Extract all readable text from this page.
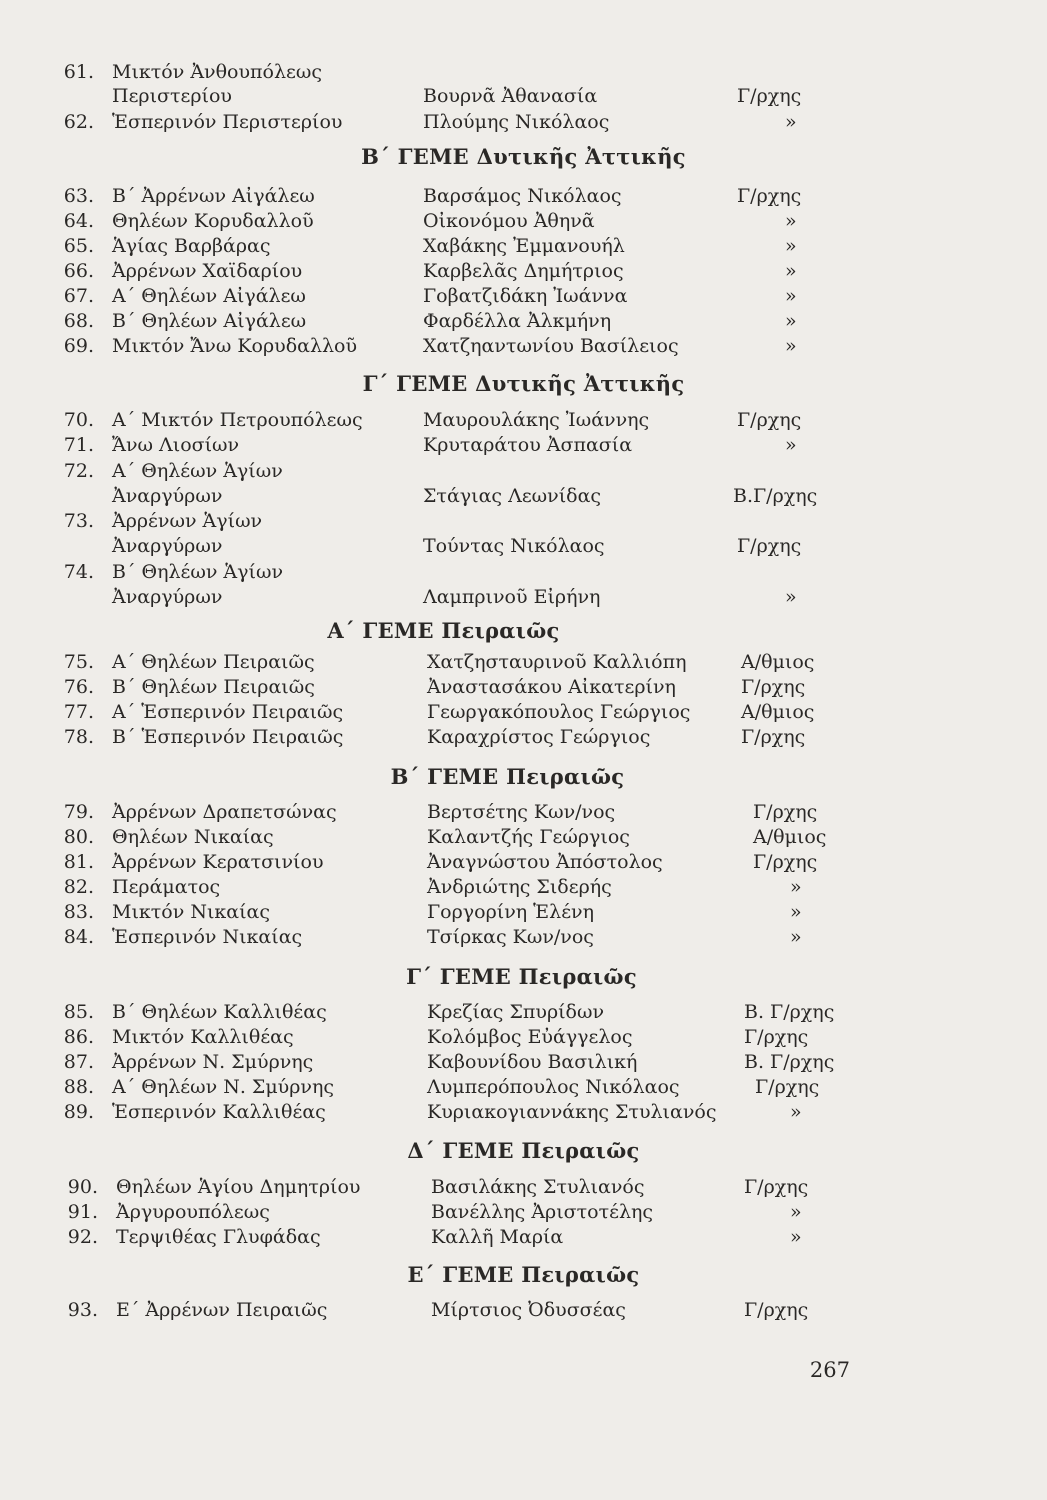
Β΄ ΓΕΜΕ Δυτικῆς Ἀττικῆς
Γ΄ ΓΕΜΕ Δυτικῆς Ἀττικῆς
Α΄ ΓΕΜΕ Πειραιῶς
Β΄ ΓΕΜΕ Πειραιῶς
Γ΄ ΓΕΜΕ Πειραιῶς
Δ΄ ΓΕΜΕ Πειραιῶς
Ε΄ ΓΕΜΕ Πειραιῶς
61. Μικτόν Ἀνθουπόλεως
Περιστερίου	Βουρνᾶ Ἀθανασία	Γ/ρχης
62. Ἑσπερινόν Περιστερίου	Πλούμης Νικόλαος	»
63. Β΄ Ἀρρένων Αἰγάλεω	Βαρσάμος Νικόλαος	Γ/ρχης
64. Θηλέων Κορυδαλλοῦ	Οἰκονόμου Ἀθηνᾶ	»
65. Ἁγίας Βαρβάρας	Χαβάκης Ἐμμανουήλ	»
66. Ἀρρένων Χαϊδαρίου	Καρβελᾶς Δημήτριος	»
67. Α΄ Θηλέων Αἰγάλεω	Γοβατζιδάκη Ἰωάννα	»
68. Β΄ Θηλέων Αἰγάλεω	Φαρδέλλα Ἀλκμήνη	»
69. Μικτόν Ἄνω Κορυδαλλοῦ	Χατζηαντωνίου Βασίλειος	»
70. Α΄ Μικτόν Πετρουπόλεως	Μαυρουλάκης Ἰωάννης	Γ/ρχης
71. Ἄνω Λιοσίων	Κρυταράτου Ἀσπασία	»
72. Α΄ Θηλέων Ἁγίων
Ἀναργύρων	Στάγιας Λεωνίδας	Β.Γ/ρχης
73. Ἀρρένων Ἁγίων
Ἀναργύρων	Τούντας Νικόλαος	Γ/ρχης
74. Β΄ Θηλέων Ἁγίων
Ἀναργύρων	Λαμπρινοῦ Εἰρήνη	»
75. Α΄ Θηλέων Πειραιῶς	Χατζησταυρινοῦ Καλλιόπη	Α/θμιος
76. Β΄ Θηλέων Πειραιῶς	Ἀναστασάκου Αἰκατερίνη	Γ/ρχης
77. Α΄ Ἑσπερινόν Πειραιῶς	Γεωργακόπουλος Γεώργιος	Α/θμιος
78. Β΄ Ἑσπερινόν Πειραιῶς	Καραχρίστος Γεώργιος	Γ/ρχης
79. Ἀρρένων Δραπετσώνας	Βερτσέτης Κων/νος	Γ/ρχης
80. Θηλέων Νικαίας	Καλαντζής Γεώργιος	Α/θμιος
81. Ἀρρένων Κερατσινίου	Ἀναγνώστου Ἀπόστολος	Γ/ρχης
82. Περάματος	Ἀνδριώτης Σιδερής	»
83. Μικτόν Νικαίας	Γοργορίνη Ἑλένη	»
84. Ἑσπερινόν Νικαίας	Τσίρκας Κων/νος	»
85. Β΄ Θηλέων Καλλιθέας	Κρεζίας Σπυρίδων	Β. Γ/ρχης
86. Μικτόν Καλλιθέας	Κολόμβος Εὐάγγελος	Γ/ρχης
87. Ἀρρένων Ν. Σμύρνης	Καβουνίδου Βασιλική	Β. Γ/ρχης
88. Α΄ Θηλέων Ν. Σμύρνης	Λυμπερόπουλος Νικόλαος	Γ/ρχης
89. Ἑσπερινόν Καλλιθέας	Κυριακογιαννάκης Στυλιανός	»
90. Θηλέων Ἁγίου Δημητρίου	Βασιλάκης Στυλιανός	Γ/ρχης
91. Ἀργυρουπόλεως	Βανέλλης Ἀριστοτέλης	»
92. Τερψιθέας Γλυφάδας	Καλλῆ Μαρία	»
93. Ε΄ Ἀρρένων Πειραιῶς	Μίρτσιος Ὀδυσσέας	Γ/ρχης
267
